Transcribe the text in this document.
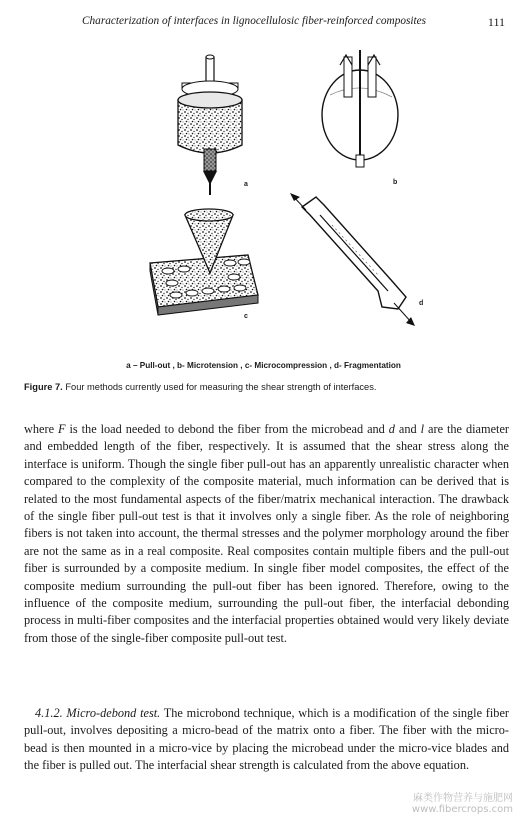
Characterization of interfaces in lignocellulosic fiber-reinforced composites	111
a	b
c
d
a – Pull-out , b- Microtension , c- Microcompression , d- Fragmentation
Figure 7. Four methods currently used for measuring the shear strength of interfaces.

where F is the load needed to debond the fiber from the microbead and d and l are the diameter and embedded length of the fiber, respectively. It is assumed that the shear stress along the interface is uniform. Though the single fiber pull-out has an apparently unrealistic character when compared to the complexity of the composite material, much information can be derived that is related to the most fundamental aspects of the fiber/matrix mechanical interaction. The drawback of the single fiber pull-out test is that it involves only a single fiber. As the role of neighboring fibers is not taken into account, the thermal stresses and the polymer morphology around the fiber are not the same as in a real composite. Real composites contain multiple fibers and the pull-out fiber is surrounded by a composite medium. In single fiber model composites, the effect of the composite medium surrounding the pull-out fiber has been ignored. Therefore, owing to the influence of the composite medium, surrounding the pull-out fiber, the interfacial debonding process in multi-fiber composites and the interfacial properties obtained would very likely deviate from those of the single-fiber composite pull-out test.

4.1.2. Micro-debond test. The microbond technique, which is a modification of the single fiber pull-out, involves depositing a micro-bead of the matrix onto a fiber. The fiber with the micro-bead is then mounted in a micro-vice by placing the microbead under the micro-vice blades and the fiber is pulled out. The interfacial shear strength is calculated from the above equation.

麻类作物营养与施肥网
www.fibercrops.com
